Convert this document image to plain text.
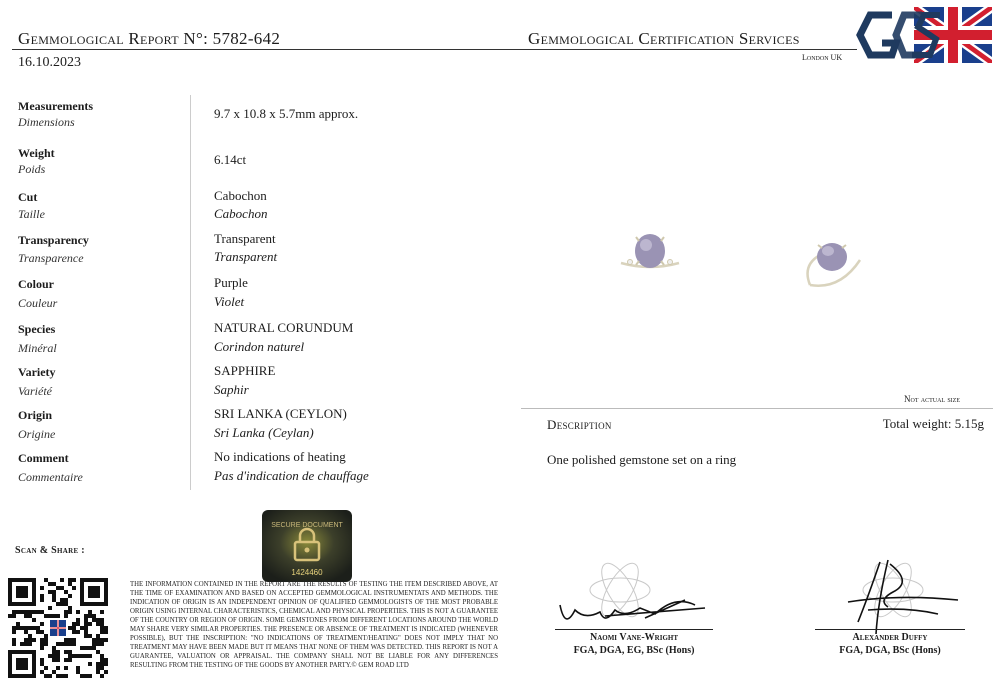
Gemmological Report N°: 5782-642
16.10.2023
Gemmological Certification Services
London UK
Measurements
Dimensions
9.7 x 10.8 x 5.7mm approx.
Weight
Poids
6.14ct
Cut
Taille
Cabochon
Cabochon
Transparency
Transparence
Transparent
Transparent
Colour
Couleur
Purple
Violet
Species
Minéral
NATURAL CORUNDUM
Corindon naturel
Variety
Variété
SAPPHIRE
Saphir
Origin
Origine
SRI LANKA (CEYLON)
Sri Lanka (Ceylan)
Comment
Commentaire
No indications of heating
Pas d'indication de chauffage
Not actual size
Description	Total weight: 5.15g
One polished gemstone set on a ring
Scan & Share :
SECURE DOCUMENT
1424460
THE INFORMATION CONTAINED IN THE REPORT ARE THE RESULTS OF TESTING THE ITEM DESCRIBED ABOVE, AT THE TIME OF EXAMINATION AND BASED ON ACCEPTED GEMMOLOGICAL INSTRUMENTATS AND METHODS. THE INDICATION OF ORIGIN IS AN INDEPENDENT OPINION OF QUALIFIED GEMMOLOGISTS OF THE MOST PROBABLE ORIGIN USING INTERNAL CHARACTERISTICS, CHEMICAL AND PHYSICAL PROPERTIES. THIS IS NOT A GUARANTEE OF THE COUNTRY OR REGION OF ORIGIN. SOME GEMSTONES FROM DIFFERENT LOCATIONS AROUND THE WORLD MAY SHARE VERY SIMILAR PROPERTIES. THE PRESENCE OR ABSENCE OF TREATMENT IS INDICATED (WHENEVER POSSIBLE), BUT THE INSCRIPTION: "NO INDICATIONS OF TREATMENT/HEATING" DOES NOT IMPLY THAT NO TREATMENT MAY HAVE BEEN MADE BUT IT MEANS THAT NONE OF THEM WAS DETECTED. THIS REPORT IS NOT A GUARANTEE, VALUATION OR APPRAISAL. THE COMPANY SHALL NOT BE LIABLE FOR ANY DIFFERENCES RESULTING FROM THE TESTING OF THE GOODS BY ANOTHER PARTY.© GEM ROAD LTD
Naomi Vane-Wright
FGA, DGA, EG, BSc (Hons)
Alexander Duffy
FGA, DGA, BSc (Hons)
